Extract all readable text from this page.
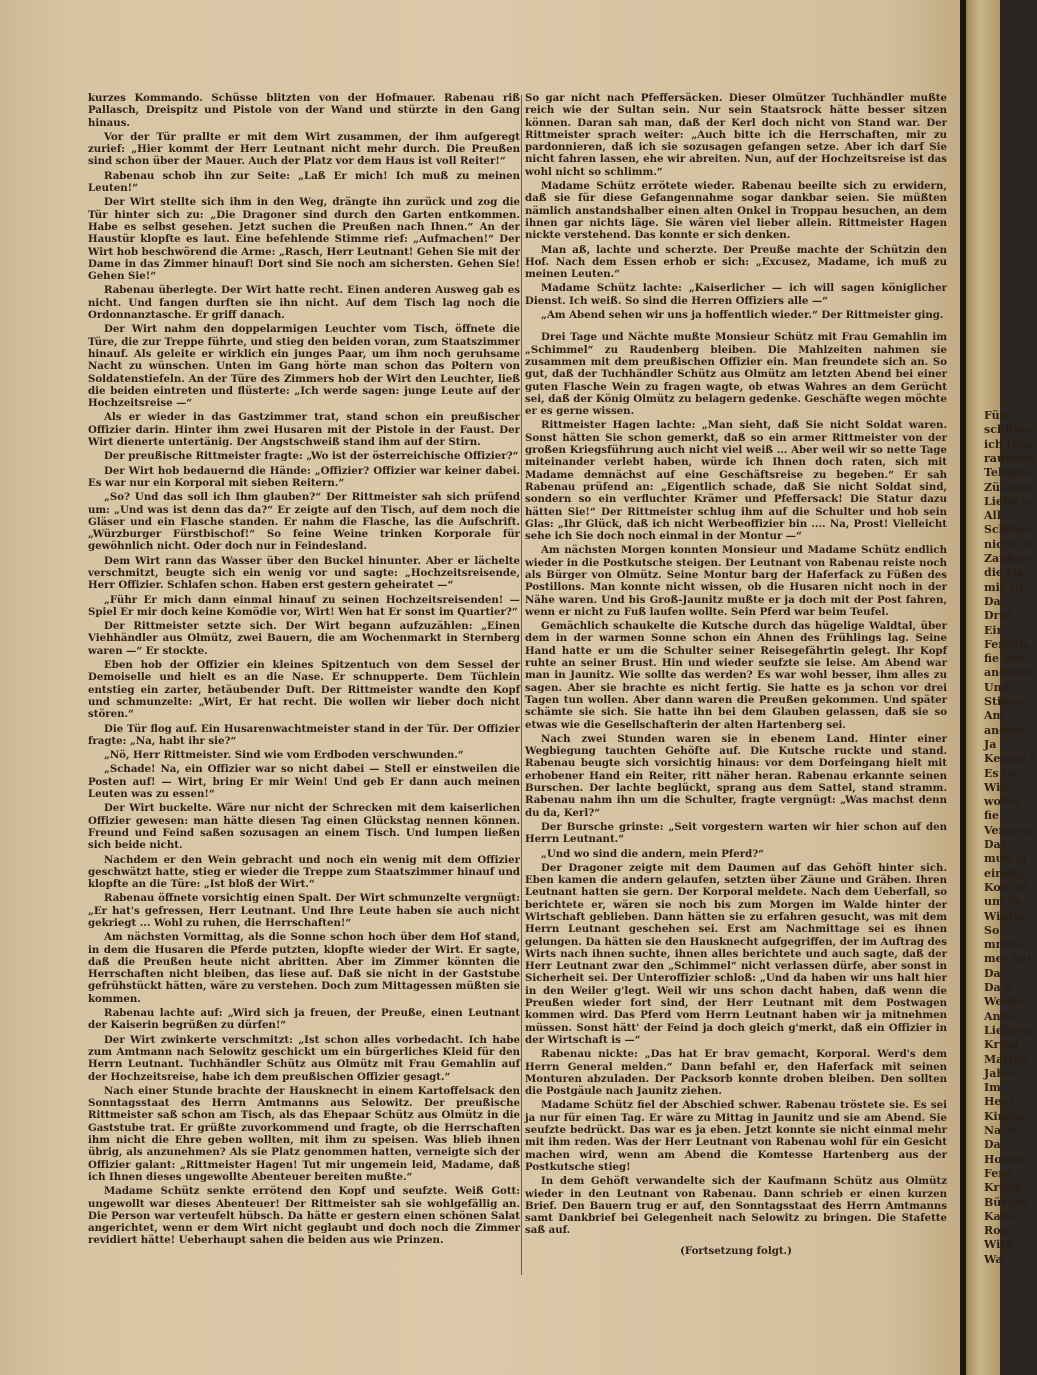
kurzes Kommando. Schüsse blitzten von der Hofmauer. Rabenau riß Pallasch, Dreispitz und Pistole von der Wand und stürzte in den Gang hinaus.

Vor der Tür prallte er mit dem Wirt zusammen, der ihm aufgeregt zurief: „Hier kommt der Herr Leutnant nicht mehr durch. Die Preußen sind schon über der Mauer. Auch der Platz vor dem Haus ist voll Reiter!“

Rabenau schob ihn zur Seite: „Laß Er mich! Ich muß zu meinen Leuten!“

Der Wirt stellte sich ihm in den Weg, drängte ihn zurück und zog die Tür hinter sich zu: „Die Dragoner sind durch den Garten entkommen. Habe es selbst gesehen. Jetzt suchen die Preußen nach Ihnen.“ An der Haustür klopfte es laut. Eine befehlende Stimme rief: „Aufmachen!“ Der Wirt hob beschwörend die Arme: „Rasch, Herr Leutnant! Gehen Sie mit der Dame in das Zimmer hinauf! Dort sind Sie noch am sichersten. Gehen Sie! Gehen Sie!“

Rabenau überlegte. Der Wirt hatte recht. Einen anderen Ausweg gab es nicht. Und fangen durften sie ihn nicht. Auf dem Tisch lag noch die Ordonnanztasche. Er griff danach.

Der Wirt nahm den doppelarmigen Leuchter vom Tisch, öffnete die Türe, die zur Treppe führte, und stieg den beiden voran, zum Staatszimmer hinauf. Als geleite er wirklich ein junges Paar, um ihm noch geruhsame Nacht zu wünschen. Unten im Gang hörte man schon das Poltern von Soldatenstiefeln. An der Türe des Zimmers hob der Wirt den Leuchter, ließ die beiden eintreten und flüsterte: „Ich werde sagen: junge Leute auf der Hochzeitsreise —“

Als er wieder in das Gastzimmer trat, stand schon ein preußischer Offizier darin. Hinter ihm zwei Husaren mit der Pistole in der Faust. Der Wirt dienerte untertänig. Der Angstschweiß stand ihm auf der Stirn.

Der preußische Rittmeister fragte: „Wo ist der österreichische Offizier?“

Der Wirt hob bedauernd die Hände: „Offizier? Offizier war keiner dabei. Es war nur ein Korporal mit sieben Reitern.“

„So? Und das soll ich Ihm glauben?“ Der Rittmeister sah sich prüfend um: „Und was ist denn das da?“ Er zeigte auf den Tisch, auf dem noch die Gläser und ein Flasche standen. Er nahm die Flasche, las die Aufschrift. „Würzburger Fürstbischof!“ So feine Weine trinken Korporale für gewöhnlich nicht. Oder doch nur in Feindesland.

Dem Wirt rann das Wasser über den Buckel hinunter. Aber er lächelte verschmitzt, beugte sich ein wenig vor und sagte: „Hochzeitsreisende, Herr Offizier. Schlafen schon. Haben erst gestern geheiratet —“

„Führ Er mich dann einmal hinauf zu seinen Hochzeitsreisenden! — Spiel Er mir doch keine Komödie vor, Wirt! Wen hat Er sonst im Quartier?“

Der Rittmeister setzte sich. Der Wirt begann aufzuzählen: „Einen Viehhändler aus Olmütz, zwei Bauern, die am Wochenmarkt in Sternberg waren —“ Er stockte.

Eben hob der Offizier ein kleines Spitzentuch von dem Sessel der Demoiselle und hielt es an die Nase. Er schnupperte. Dem Tüchlein entstieg ein zarter, betäubender Duft. Der Rittmeister wandte den Kopf und schmunzelte: „Wirt, Er hat recht. Die wollen wir lieber doch nicht stören.“

Die Tür flog auf. Ein Husarenwachtmeister stand in der Tür. Der Offizier fragte: „Na, habt ihr sie?“

„Nö, Herr Rittmeister. Sind wie vom Erdboden verschwunden.“

„Schade! Na, ein Offizier war so nicht dabei — Stell er einstweilen die Posten auf! — Wirt, bring Er mir Wein! Und geb Er dann auch meinen Leuten was zu essen!“

Der Wirt buckelte. Wäre nur nicht der Schrecken mit dem kaiserlichen Offizier gewesen: man hätte diesen Tag einen Glückstag nennen können. Freund und Feind saßen sozusagen an einem Tisch. Und lumpen ließen sich beide nicht.

Nachdem er den Wein gebracht und noch ein wenig mit dem Offizier geschwätzt hatte, stieg er wieder die Treppe zum Staatszimmer hinauf und klopfte an die Türe: „Ist bloß der Wirt.“

Rabenau öffnete vorsichtig einen Spalt. Der Wirt schmunzelte vergnügt: „Er hat's gefressen, Herr Leutnant. Und Ihre Leute haben sie auch nicht gekriegt ... Wohl zu ruhen, die Herrschaften!“

Am nächsten Vormittag, als die Sonne schon hoch über dem Hof stand, in dem die Husaren die Pferde putzten, klopfte wieder der Wirt. Er sagte, daß die Preußen heute nicht abritten. Aber im Zimmer könnten die Herrschaften nicht bleiben, das liese auf. Daß sie nicht in der Gaststube gefrühstückt hätten, wäre zu verstehen. Doch zum Mittagessen müßten sie kommen.

Rabenau lachte auf: „Wird sich ja freuen, der Preuße, einen Leutnant der Kaiserin begrüßen zu dürfen!“

Der Wirt zwinkerte verschmitzt: „Ist schon alles vorbedacht. Ich habe zum Amtmann nach Selowitz geschickt um ein bürgerliches Kleid für den Herrn Leutnant. Tuchhändler Schütz aus Olmütz mit Frau Gemahlin auf der Hochzeitsreise, habe ich dem preußischen Offizier gesagt.“

Nach einer Stunde brachte der Hausknecht in einem Kartoffelsack den Sonntagsstaat des Herrn Amtmanns aus Selowitz. Der preußische Rittmeister saß schon am Tisch, als das Ehepaar Schütz aus Olmütz in die Gaststube trat. Er grüßte zuvorkommend und fragte, ob die Herrschaften ihm nicht die Ehre geben wollten, mit ihm zu speisen. Was blieb ihnen übrig, als anzunehmen? Als sie Platz genommen hatten, verneigte sich der Offizier galant: „Rittmeister Hagen! Tut mir ungemein leid, Madame, daß ich Ihnen dieses ungewollte Abenteuer bereiten mußte.“

Madame Schütz senkte errötend den Kopf und seufzte. Weiß Gott: ungewollt war dieses Abenteuer! Der Rittmeister sah sie wohlgefällig an. Die Person war verteufelt hübsch. Da hätte er gestern einen schönen Salat angerichtet, wenn er dem Wirt nicht geglaubt und doch noch die Zimmer revidiert hätte! Ueberhaupt sahen die beiden aus wie Prinzen.

So gar nicht nach Pfeffersäcken. Dieser Olmützer Tuchhändler mußte reich wie der Sultan sein. Nur sein Staatsrock hätte besser sitzen können. Daran sah man, daß der Kerl doch nicht von Stand war. Der Rittmeister sprach weiter: „Auch bitte ich die Herrschaften, mir zu pardonnieren, daß ich sie sozusagen gefangen setze. Aber ich darf Sie nicht fahren lassen, ehe wir abreiten. Nun, auf der Hochzeitsreise ist das wohl nicht so schlimm.“

Madame Schütz errötete wieder. Rabenau beeilte sich zu erwidern, daß sie für diese Gefangennahme sogar dankbar seien. Sie müßten nämlich anstandshalber einen alten Onkel in Troppau besuchen, an dem ihnen gar nichts läge. Sie wären viel lieber allein. Rittmeister Hagen nickte verstehend. Das konnte er sich denken.

Man aß, lachte und scherzte. Der Preuße machte der Schützin den Hof. Nach dem Essen erhob er sich: „Excusez, Madame, ich muß zu meinen Leuten.“

Madame Schütz lachte: „Kaiserlicher — ich will sagen königlicher Dienst. Ich weiß. So sind die Herren Offiziers alle —“

„Am Abend sehen wir uns ja hoffentlich wieder.“ Der Rittmeister ging.

Drei Tage und Nächte mußte Monsieur Schütz mit Frau Gemahlin im „Schimmel“ zu Raudenberg bleiben. Die Mahlzeiten nahmen sie zusammen mit dem preußischen Offizier ein. Man freundete sich an. So gut, daß der Tuchhändler Schütz aus Olmütz am letzten Abend bei einer guten Flasche Wein zu fragen wagte, ob etwas Wahres an dem Gerücht sei, daß der König Olmütz zu belagern gedenke. Geschäfte wegen möchte er es gerne wissen.

Rittmeister Hagen lachte: „Man sieht, daß Sie nicht Soldat waren. Sonst hätten Sie schon gemerkt, daß so ein armer Rittmeister von der großen Kriegsführung auch nicht viel weiß ... Aber weil wir so nette Tage miteinander verlebt haben, würde ich Ihnen doch raten, sich mit Madame demnächst auf eine Geschäftsreise zu begeben.“ Er sah Rabenau prüfend an: „Eigentlich schade, daß Sie nicht Soldat sind, sondern so ein verfluchter Krämer und Pfeffersack! Die Statur dazu hätten Sie!“ Der Rittmeister schlug ihm auf die Schulter und hob sein Glas: „Ihr Glück, daß ich nicht Werbeoffizier bin .... Na, Prost! Vielleicht sehe ich Sie doch noch einmal in der Montur —“

Am nächsten Morgen konnten Monsieur und Madame Schütz endlich wieder in die Postkutsche steigen. Der Leutnant von Rabenau reiste noch als Bürger von Olmütz. Seine Montur barg der Haferfack zu Füßen des Postillons. Man konnte nicht wissen, ob die Husaren nicht noch in der Nähe waren. Und bis Groß-Jaunitz mußte er ja doch mit der Post fahren, wenn er nicht zu Fuß laufen wollte. Sein Pferd war beim Teufel.

Gemächlich schaukelte die Kutsche durch das hügelige Waldtal, über dem in der warmen Sonne schon ein Ahnen des Frühlings lag. Seine Hand hatte er um die Schulter seiner Reisegefährtin gelegt. Ihr Kopf ruhte an seiner Brust. Hin und wieder seufzte sie leise. Am Abend war man in Jaunitz. Wie sollte das werden? Es war wohl besser, ihm alles zu sagen. Aber sie brachte es nicht fertig. Sie hatte es ja schon vor drei Tagen tun wollen. Aber dann waren die Preußen gekommen. Und später schämte sie sich. Sie hatte ihn bei dem Glauben gelassen, daß sie so etwas wie die Gesellschafterin der alten Hartenberg sei.

Nach zwei Stunden waren sie in ebenem Land. Hinter einer Wegbiegung tauchten Gehöfte auf. Die Kutsche ruckte und stand. Rabenau beugte sich vorsichtig hinaus: vor dem Dorfeingang hielt mit erhobener Hand ein Reiter, ritt näher heran. Rabenau erkannte seinen Burschen. Der lachte beglückt, sprang aus dem Sattel, stand stramm. Rabenau nahm ihn um die Schulter, fragte vergnügt: „Was machst denn du da, Kerl?“

Der Bursche grinste: „Seit vorgestern warten wir hier schon auf den Herrn Leutnant.“

„Und wo sind die andern, mein Pferd?“

Der Dragoner zeigte mit dem Daumen auf das Gehöft hinter sich. Eben kamen die andern gelaufen, setzten über Zäune und Gräben. Ihren Leutnant hatten sie gern. Der Korporal meldete. Nach dem Ueberfall, so berichtete er, wären sie noch bis zum Morgen im Walde hinter der Wirtschaft geblieben. Dann hätten sie zu erfahren gesucht, was mit dem Herrn Leutnant geschehen sei. Erst am Nachmittage sei es ihnen gelungen. Da hätten sie den Hausknecht aufgegriffen, der im Auftrag des Wirts nach ihnen suchte, ihnen alles berichtete und auch sagte, daß der Herr Leutnant zwar den „Schimmel“ nicht verlassen dürfe, aber sonst in Sicherheit sei. Der Unteroffizier schloß: „Und da haben wir uns halt hier in den Weiler g'legt. Weil wir uns schon dacht haben, daß wenn die Preußen wieder fort sind, der Herr Leutnant mit dem Postwagen kommen wird. Das Pferd vom Herrn Leutnant haben wir ja mitnehmen müssen. Sonst hätt' der Feind ja doch gleich g'merkt, daß ein Offizier in der Wirtschaft is —“

Rabenau nickte: „Das hat Er brav gemacht, Korporal. Werd's dem Herrn General melden.“ Dann befahl er, den Haferfack mit seinen Monturen abzuladen. Der Packsorb konnte droben bleiben. Den sollten die Postgäule nach Jaunitz ziehen.

Madame Schütz fiel der Abschied schwer. Rabenau tröstete sie. Es sei ja nur für einen Tag. Er wäre zu Mittag in Jaunitz und sie am Abend. Sie seufzte bedrückt. Das war es ja eben. Jetzt konnte sie nicht einmal mehr mit ihm reden. Was der Herr Leutnant von Rabenau wohl für ein Gesicht machen wird, wenn am Abend die Komtesse Hartenberg aus der Postkutsche stieg!

In dem Gehöft verwandelte sich der Kaufmann Schütz aus Olmütz wieder in den Leutnant von Rabenau. Dann schrieb er einen kurzen Brief. Den Bauern trug er auf, den Sonntagsstaat des Herrn Amtmanns samt Dankbrief bei Gelegenheit nach Selowitz zu bringen. Die Stafette saß auf.

(Fortsetzung folgt.)

Fün
schlimm
ich trug
raummü
Telepho
Zülliger
Liebe w
All
Schluss
nicht so
Zauberu
die Da
mit zu
Da
Drei
Ein
Ferdela
fie den
anderer
Und
Stimm
Am
anders:
Ja
Keines f
Es ist
Win
woher
fie
Vermen
Das
muß al
einzige
Kofe bi
um da
Winter
So
mmen
mer bei
Da
Da n
Weihn
Anne
Liebern
Krieg
Martin
Jahre
Im
Heut
Kinder
Nach
Da
Hoffen
Fern
Kreflü
Bürger
Kaffe
Rom
Wirk
Wa
